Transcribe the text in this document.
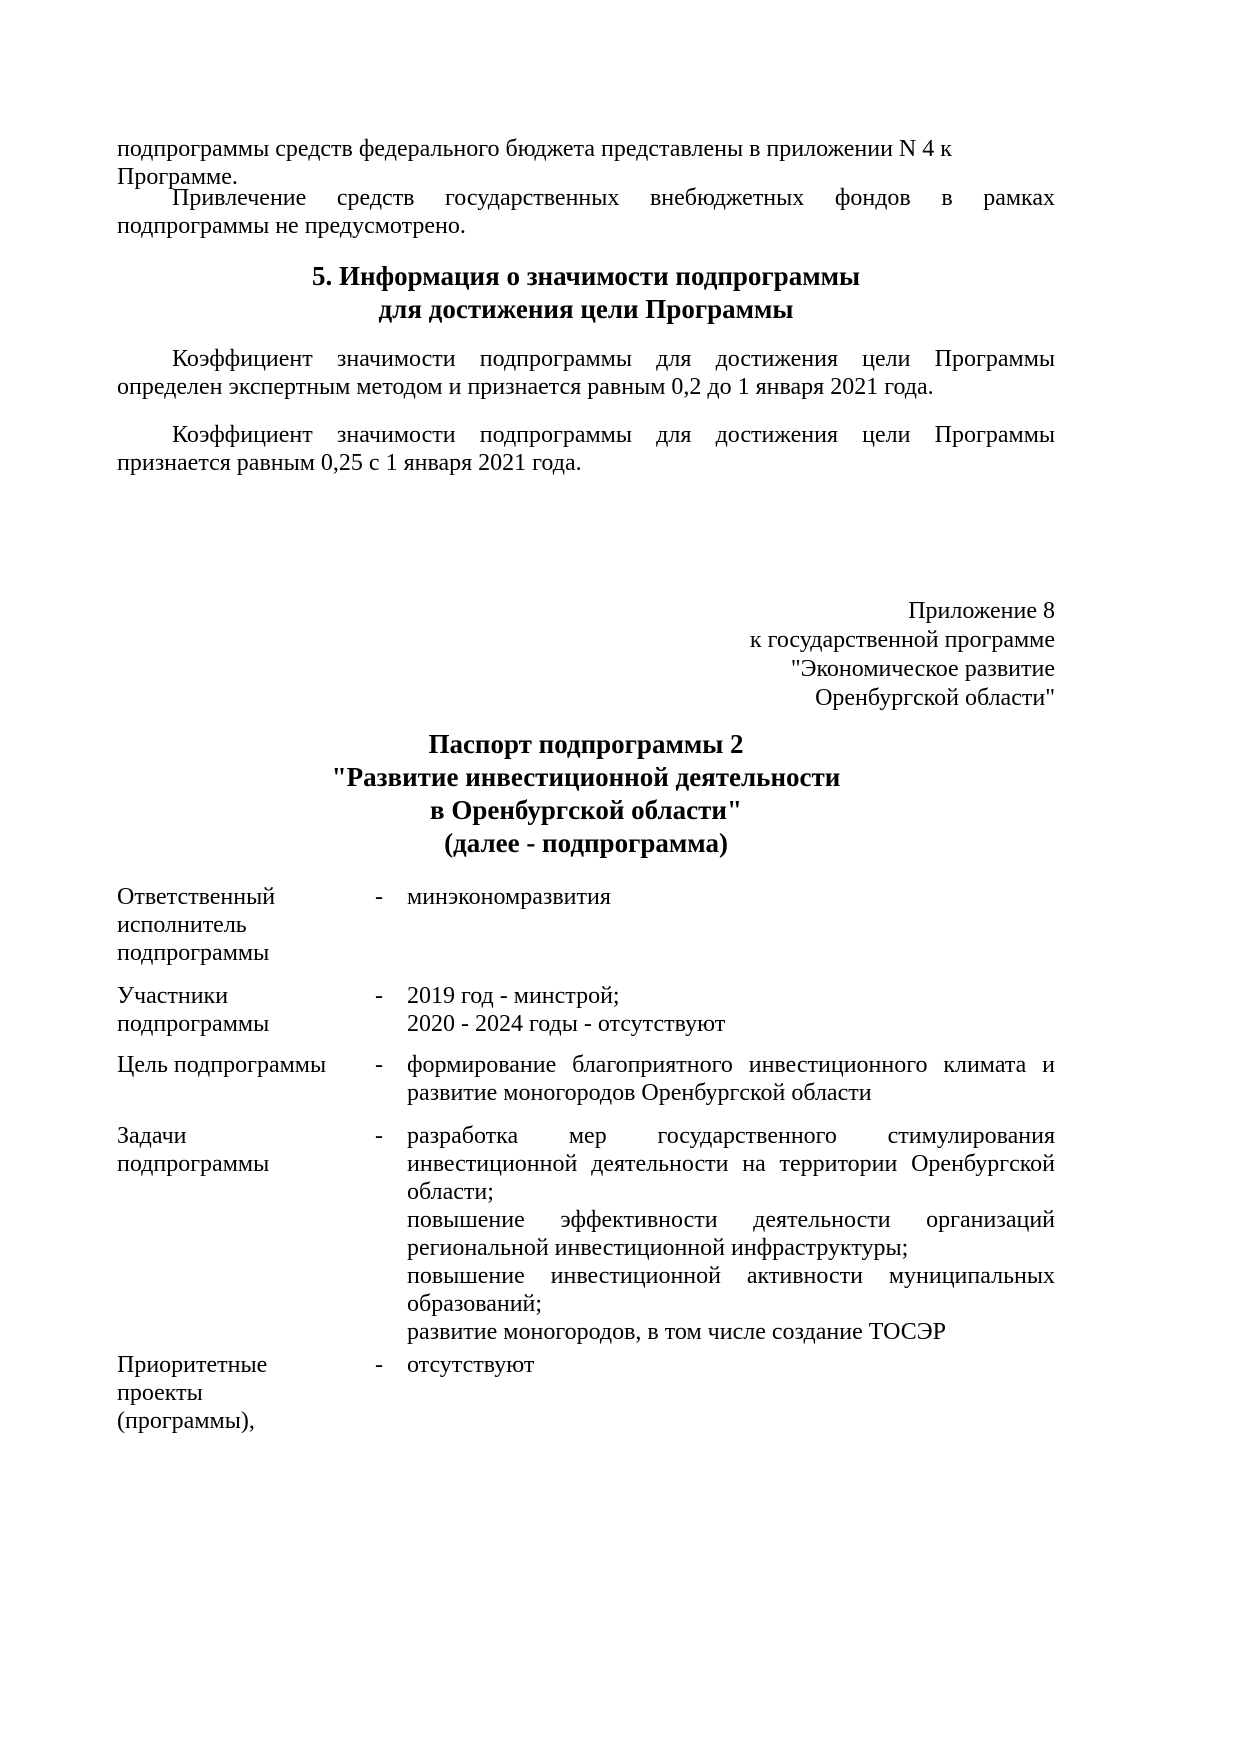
подпрограммы средств федерального бюджета представлены в приложении N 4 к Программе.
Привлечение средств государственных внебюджетных фондов в рамках подпрограммы не предусмотрено.
5. Информация о значимости подпрограммы
для достижения цели Программы
Коэффициент значимости подпрограммы для достижения цели Программы определен экспертным методом и признается равным 0,2 до 1 января 2021 года.
Коэффициент значимости подпрограммы для достижения цели Программы признается равным 0,25 с 1 января 2021 года.
Приложение 8
к государственной программе
"Экономическое развитие
Оренбургской области"
Паспорт подпрограммы 2
"Развитие инвестиционной деятельности
в Оренбургской области"
(далее - подпрограмма)
Ответственный
исполнитель
подпрограммы
- минэкономразвития
Участники
подпрограммы
- 2019 год - минстрой;
2020 - 2024 годы - отсутствуют
Цель подпрограммы	- формирование благоприятного инвестиционного климата и развитие моногородов Оренбургской области
Задачи
подпрограммы
- разработка мер государственного стимулирования инвестиционной деятельности на территории Оренбургской области;
повышение эффективности деятельности организаций региональной инвестиционной инфраструктуры;
повышение инвестиционной активности муниципальных образований;
развитие моногородов, в том числе создание ТОСЭР
Приоритетные
проекты
(программы),
- отсутствуют
